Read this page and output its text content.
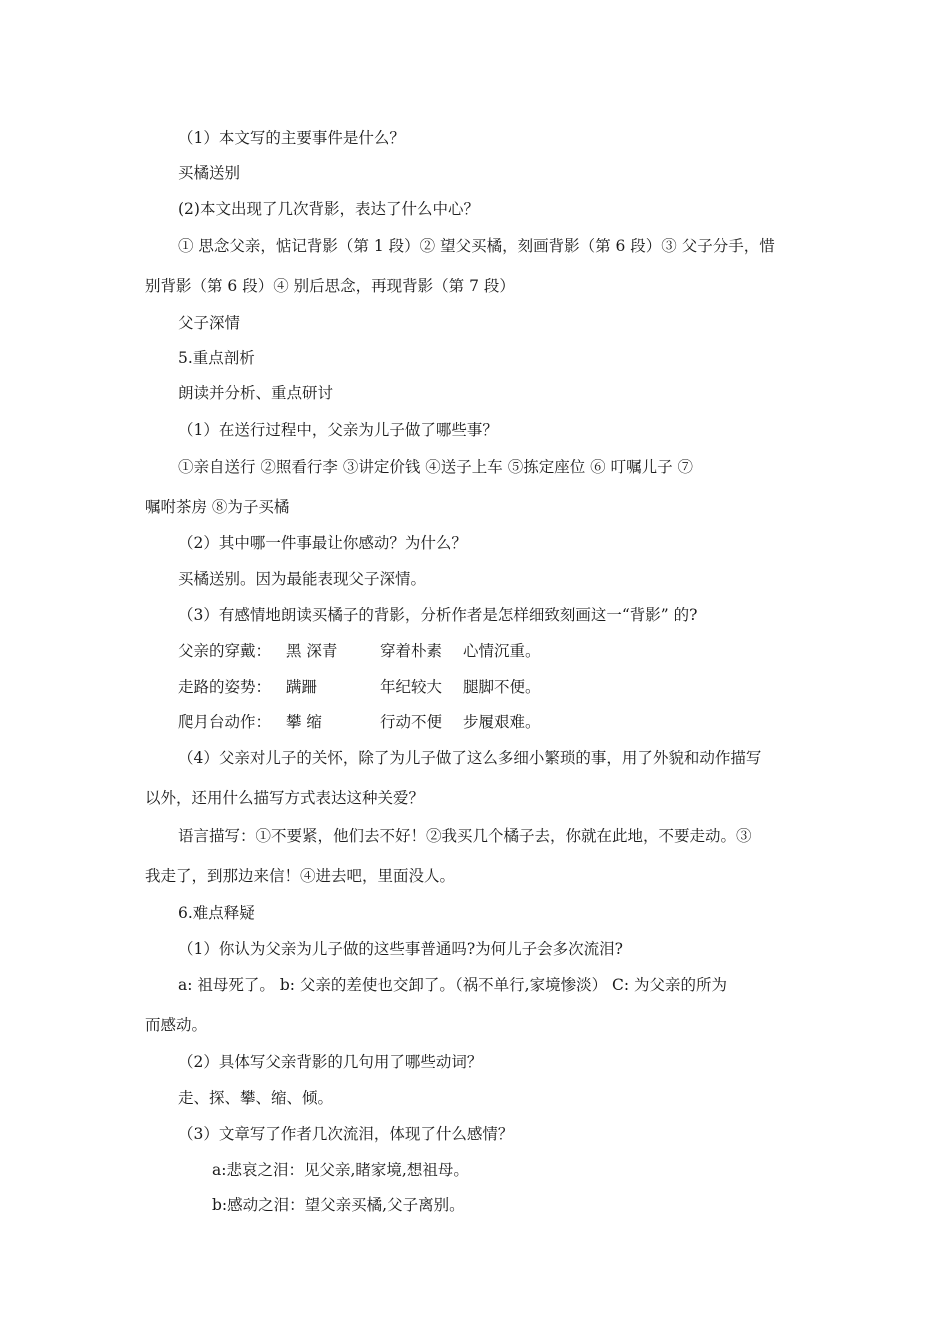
（1）本文写的主要事件是什么？
买橘送别
(2)本文出现了几次背影，表达了什么中心？
① 思念父亲，惦记背影（第 1 段）② 望父买橘，刻画背影（第 6 段）③ 父子分手，惜
别背影（第 6 段）④ 别后思念，再现背影（第 7 段）
父子深情
5.重点剖析
朗读并分析、重点研讨
（1）在送行过程中，父亲为儿子做了哪些事？
①亲自送行 ②照看行李 ③讲定价钱 ④送子上车 ⑤拣定座位 ⑥ 叮嘱儿子 ⑦
嘱咐茶房 ⑧为子买橘
（2）其中哪一件事最让你感动？为什么？
买橘送别。因为最能表现父子深情。
（3）有感情地朗读买橘子的背影，分析作者是怎样细致刻画这一“背影” 的?
父亲的穿戴： 黑 深青	穿着朴素 心情沉重。
走路的姿势： 蹒跚	年纪较大 腿脚不便。
爬月台动作： 攀 缩	行动不便 步履艰难。
（4）父亲对儿子的关怀，除了为儿子做了这么多细小繁琐的事，用了外貌和动作描写
以外，还用什么描写方式表达这种关爱？
语言描写：①不要紧，他们去不好！②我买几个橘子去，你就在此地，不要走动。③
我走了，到那边来信！④进去吧，里面没人。
6.难点释疑
（1）你认为父亲为儿子做的这些事普通吗?为何儿子会多次流泪?
a: 祖母死了。 b: 父亲的差使也交卸了。（祸不单行,家境惨淡） C: 为父亲的所为
而感动。
（2）具体写父亲背影的几句用了哪些动词？
走、探、攀、缩、倾。
（3）文章写了作者几次流泪，体现了什么感情？
a:悲哀之泪：见父亲,睹家境,想祖母。
b:感动之泪：望父亲买橘,父子离别。
